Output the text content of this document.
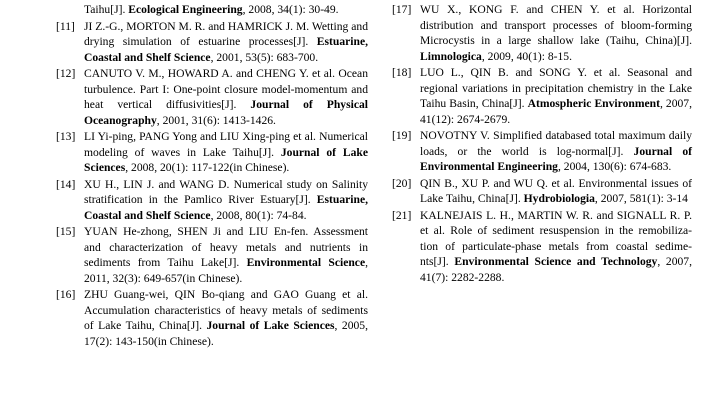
Taihu[J]. Ecological Engineering, 2008, 34(1): 30-49.
[11] JI Z.-G., MORTON M. R. and HAMRICK J. M. Wetting and drying simulation of estuarine processes[J]. Estuarine, Coastal and Shelf Science, 2001, 53(5): 683-700.
[12] CANUTO V. M., HOWARD A. and CHENG Y. et al. Ocean turbulence. Part I: One-point closure model-momentum and heat vertical diffusivities[J]. Journal of Physical Oceanography, 2001, 31(6): 1413-1426.
[13] LI Yi-ping, PANG Yong and LIU Xing-ping et al. Numerical modeling of waves in Lake Taihu[J]. Journal of Lake Sciences, 2008, 20(1): 117-122(in Chinese).
[14] XU H., LIN J. and WANG D. Numerical study on Salinity stratification in the Pamlico River Estuary[J]. Estuarine, Coastal and Shelf Science, 2008, 80(1): 74-84.
[15] YUAN He-zhong, SHEN Ji and LIU En-fen. Assessment and characterization of heavy metals and nutrients in sediments from Taihu Lake[J]. Environmental Science, 2011, 32(3): 649-657(in Chinese).
[16] ZHU Guang-wei, QIN Bo-qiang and GAO Guang et al. Accumulation characteristics of heavy metals of sediments of Lake Taihu, China[J]. Journal of Lake Sciences, 2005, 17(2): 143-150(in Chinese).
[17] WU X., KONG F. and CHEN Y. et al. Horizontal distribution and transport processes of bloom-forming Microcystis in a large shallow lake (Taihu, China)[J]. Limnologica, 2009, 40(1): 8-15.
[18] LUO L., QIN B. and SONG Y. et al. Seasonal and regional variations in precipitation chemistry in the Lake Taihu Basin, China[J]. Atmospheric Environment, 2007, 41(12): 2674-2679.
[19] NOVOTNY V. Simplified databased total maximum daily loads, or the world is log-normal[J]. Journal of Environmental Engineering, 2004, 130(6): 674-683.
[20] QIN B., XU P. and WU Q. et al. Environmental issues of Lake Taihu, China[J]. Hydrobiologia, 2007, 581(1): 3-14
[21] KALNEJAIS L. H., MARTIN W. R. and SIGNALL R. P. et al. Role of sediment resuspension in the remobiliza- tion of particulate-phase metals from coastal sedime- nts[J]. Environmental Science and Technology, 2007, 41(7): 2282-2288.
